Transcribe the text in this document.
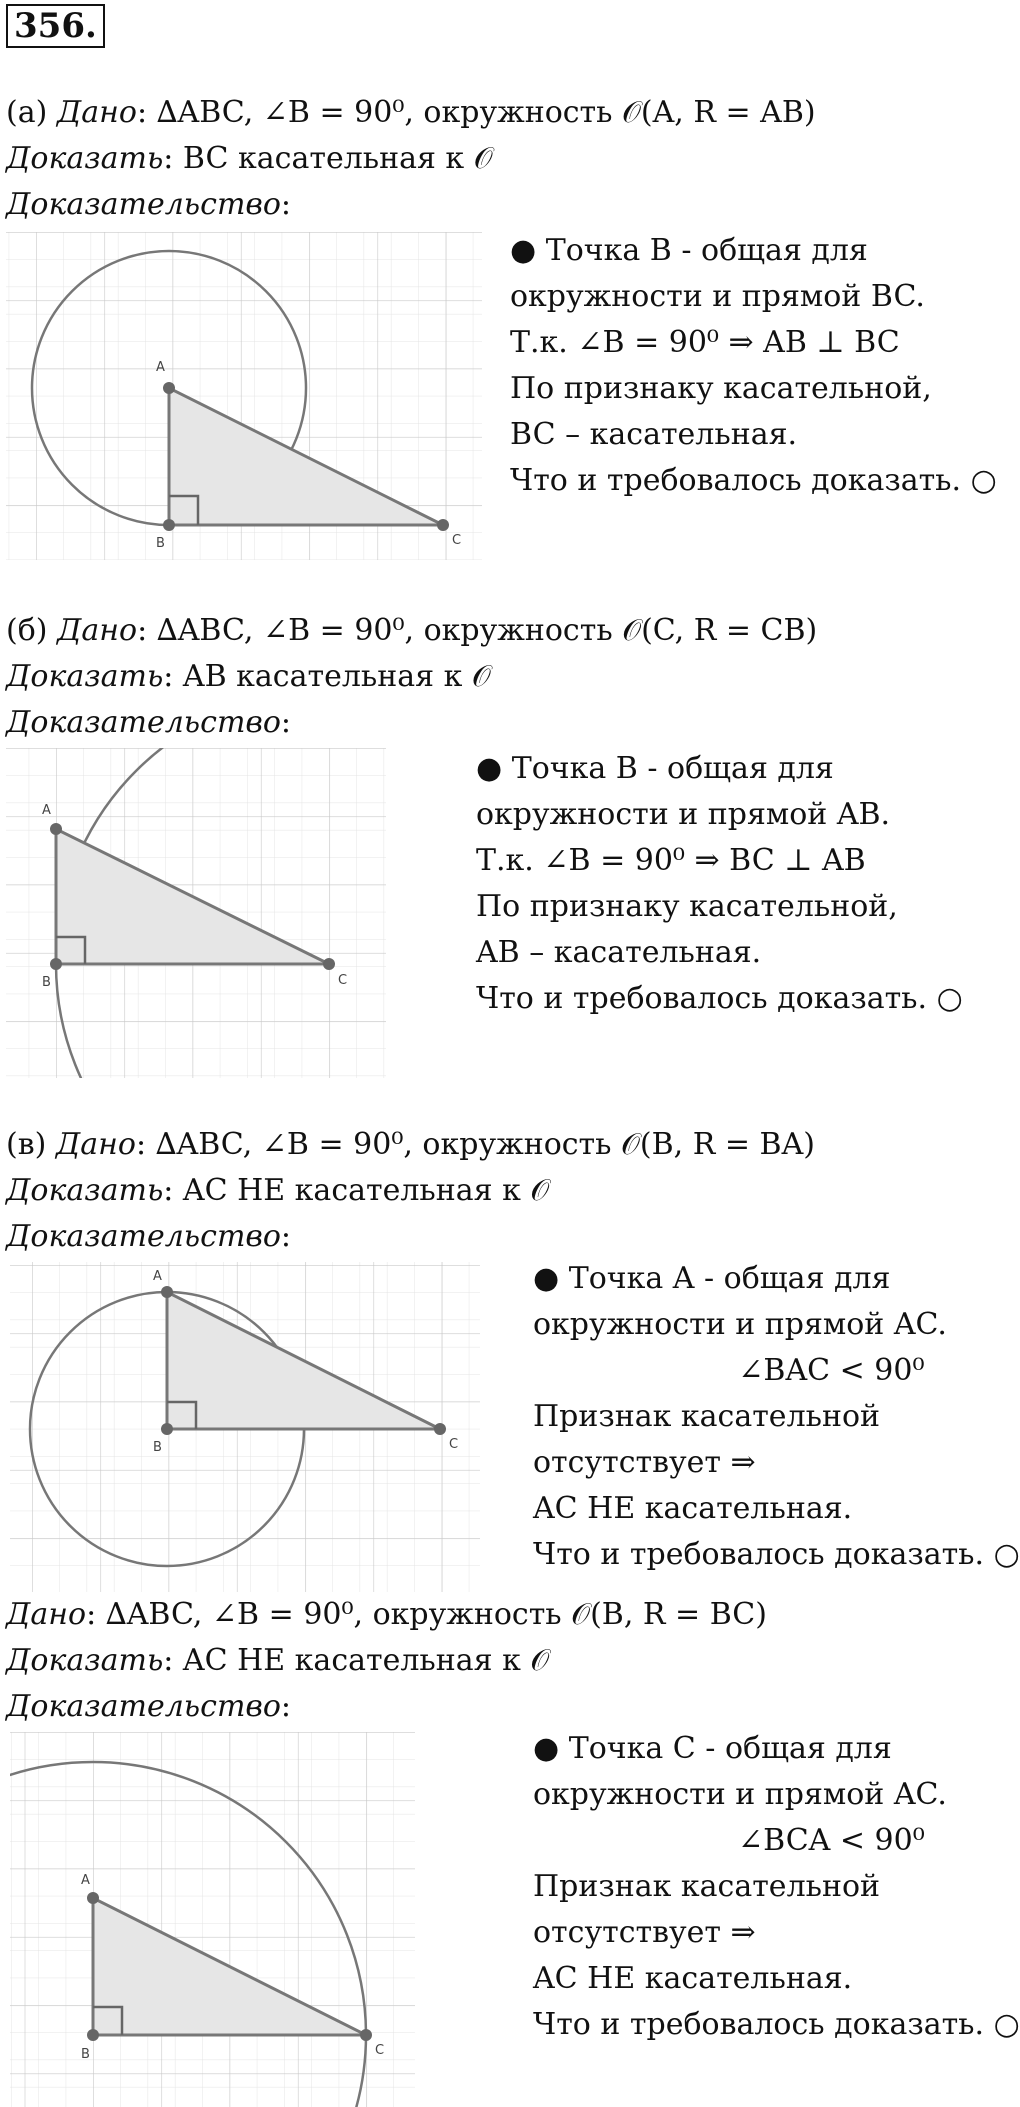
356.
(а) Дано: ∆ABC, ∠B = 90⁰, окружность 𝒪(A, R = AB)
Доказать: BC касательная к 𝒪
Доказательство:
A
B	C
● Точка B - общая для
окружности и прямой BC.
Т.к. ∠B = 90⁰ ⇒ AB ⊥ BC
По признаку касательной,
BC – касательная.
Что и требовалось доказать. ○
(б) Дано: ∆ABC, ∠B = 90⁰, окружность 𝒪(C, R = CB)
Доказать: AB касательная к 𝒪
Доказательство:
A
B	C
● Точка B - общая для
окружности и прямой AB.
Т.к. ∠B = 90⁰ ⇒ BC ⊥ AB
По признаку касательной,
AB – касательная.
Что и требовалось доказать. ○
(в) Дано: ∆ABC, ∠B = 90⁰, окружность 𝒪(B, R = BA)
Доказать: AC НЕ касательная к 𝒪
Доказательство:
A
B	C
● Точка A - общая для
окружности и прямой AC.
∠BAC < 90⁰
Признак касательной
отсутствует ⇒
AC НЕ касательная.
Что и требовалось доказать. ○
Дано: ∆ABC, ∠B = 90⁰, окружность 𝒪(B, R = BC)
Доказать: AC НЕ касательная к 𝒪
Доказательство:
A
B	C
● Точка C - общая для
окружности и прямой AC.
∠BCA < 90⁰
Признак касательной
отсутствует ⇒
AC НЕ касательная.
Что и требовалось доказать. ○
